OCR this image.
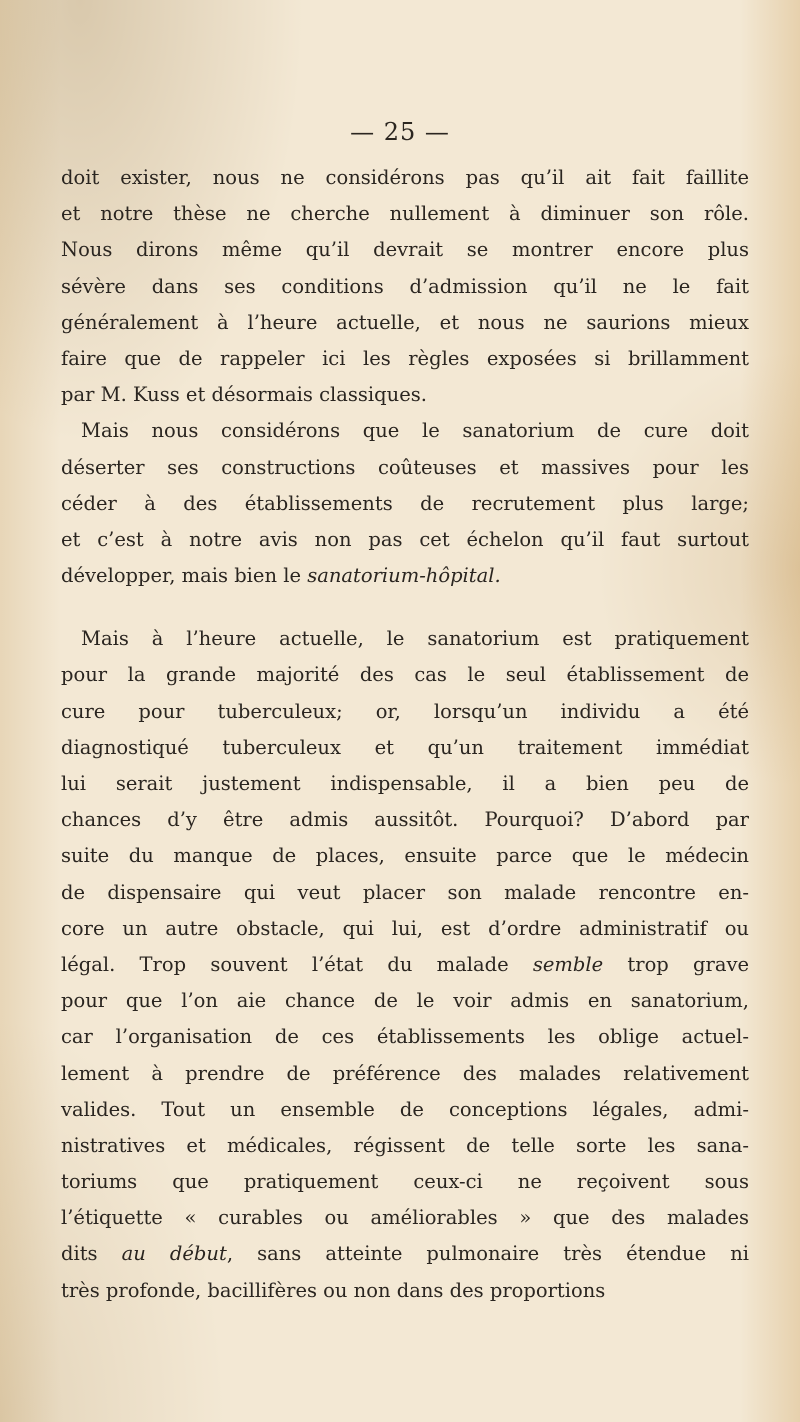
— 25 —
doit exister, nous ne considérons pas qu’il ait fait faillite
et notre thèse ne cherche nullement à diminuer son rôle.
Nous dirons même qu’il devrait se montrer encore plus
sévère dans ses conditions d’admission qu’il ne le fait
généralement à l’heure actuelle, et nous ne saurions mieux
faire que de rappeler ici les règles exposées si brillamment
par M. Kuss et désormais classiques.
Mais nous considérons que le sanatorium de cure doit
déserter ses constructions coûteuses et massives pour les
céder à des établissements de recrutement plus large;
et c’est à notre avis non pas cet échelon qu’il faut surtout
développer, mais bien le sanatorium-hôpital.
Mais à l’heure actuelle, le sanatorium est pratiquement
pour la grande majorité des cas le seul établissement de
cure pour tuberculeux; or, lorsqu’un individu a été
diagnostiqué tuberculeux et qu’un traitement immédiat
lui serait justement indispensable, il a bien peu de
chances d’y être admis aussitôt. Pourquoi? D’abord par
suite du manque de places, ensuite parce que le médecin
de dispensaire qui veut placer son malade rencontre en-
core un autre obstacle, qui lui, est d’ordre administratif ou
légal. Trop souvent l’état du malade semble trop grave
pour que l’on aie chance de le voir admis en sanatorium,
car l’organisation de ces établissements les oblige actuel-
lement à prendre de préférence des malades relativement
valides. Tout un ensemble de conceptions légales, admi-
nistratives et médicales, régissent de telle sorte les sana-
toriums que pratiquement ceux-ci ne reçoivent sous
l’étiquette « curables ou améliorables » que des malades
dits au début, sans atteinte pulmonaire très étendue ni
très profonde, bacillifères ou non dans des proportions
